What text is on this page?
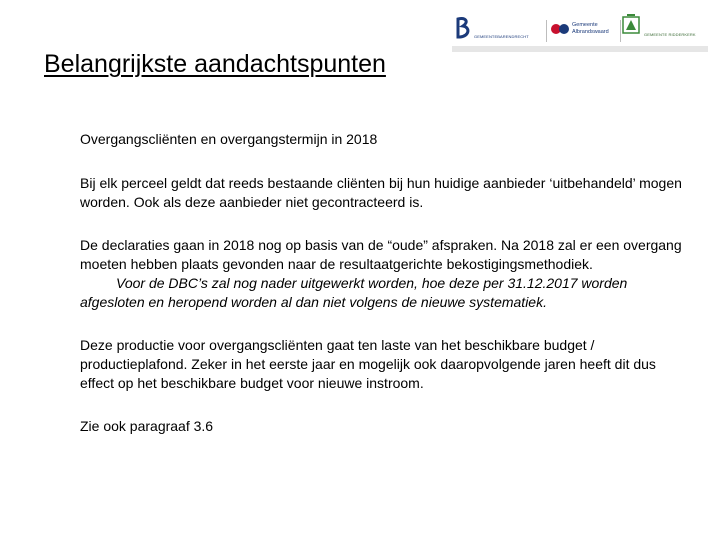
GEMEENTEBARENDRECHT
Gemeente
Albrandswaard	GEMEENTE RIDDERKERK
Belangrijkste aandachtspunten

Overgangscliënten en overgangstermijn in 2018

Bij elk perceel geldt dat reeds bestaande cliënten bij hun huidige aanbieder ‘uitbehandeld’ mogen worden. Ook als deze aanbieder niet gecontracteerd is.

De declaraties gaan in 2018 nog op basis van de “oude” afspraken. Na 2018 zal er een overgang moeten hebben plaats gevonden naar de resultaatgerichte bekostigingsmethodiek.

Voor de DBC’s zal nog nader uitgewerkt worden, hoe deze per 31.12.2017 worden

afgesloten en heropend worden al dan niet volgens de nieuwe systematiek.

Deze productie voor overgangscliënten gaat ten laste van het beschikbare budget / productieplafond. Zeker in het eerste jaar en mogelijk ook daaropvolgende jaren heeft dit dus effect op het beschikbare budget voor nieuwe instroom.

Zie ook paragraaf 3.6
